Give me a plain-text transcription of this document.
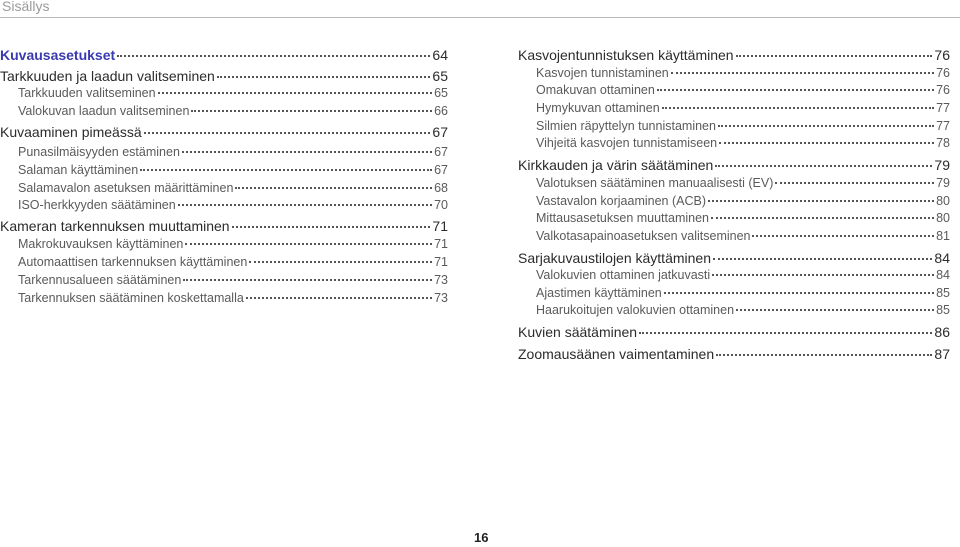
Sisällys
Kuvausasetukset	64
Tarkkuuden ja laadun valitseminen	65
Tarkkuuden valitseminen	65
Valokuvan laadun valitseminen	66
Kuvaaminen pimeässä	67
Punasilmäisyyden estäminen	67
Salaman käyttäminen	67
Salamavalon asetuksen määrittäminen	68
ISO-herkkyyden säätäminen	70
Kameran tarkennuksen muuttaminen	71
Makrokuvauksen käyttäminen	71
Automaattisen tarkennuksen käyttäminen	71
Tarkennusalueen säätäminen	73
Tarkennuksen säätäminen koskettamalla	73
Kasvojentunnistuksen käyttäminen	76
Kasvojen tunnistaminen	76
Omakuvan ottaminen	76
Hymykuvan ottaminen	77
Silmien räpyttelyn tunnistaminen	77
Vihjeitä kasvojen tunnistamiseen	78
Kirkkauden ja värin säätäminen	79
Valotuksen säätäminen manuaalisesti (EV)	79
Vastavalon korjaaminen (ACB)	80
Mittausasetuksen muuttaminen	80
Valkotasapainoasetuksen valitseminen	81
Sarjakuvaustilojen käyttäminen	84
Valokuvien ottaminen jatkuvasti	84
Ajastimen käyttäminen	85
Haarukoitujen valokuvien ottaminen	85
Kuvien säätäminen	86
Zoomausäänen vaimentaminen	87
16
